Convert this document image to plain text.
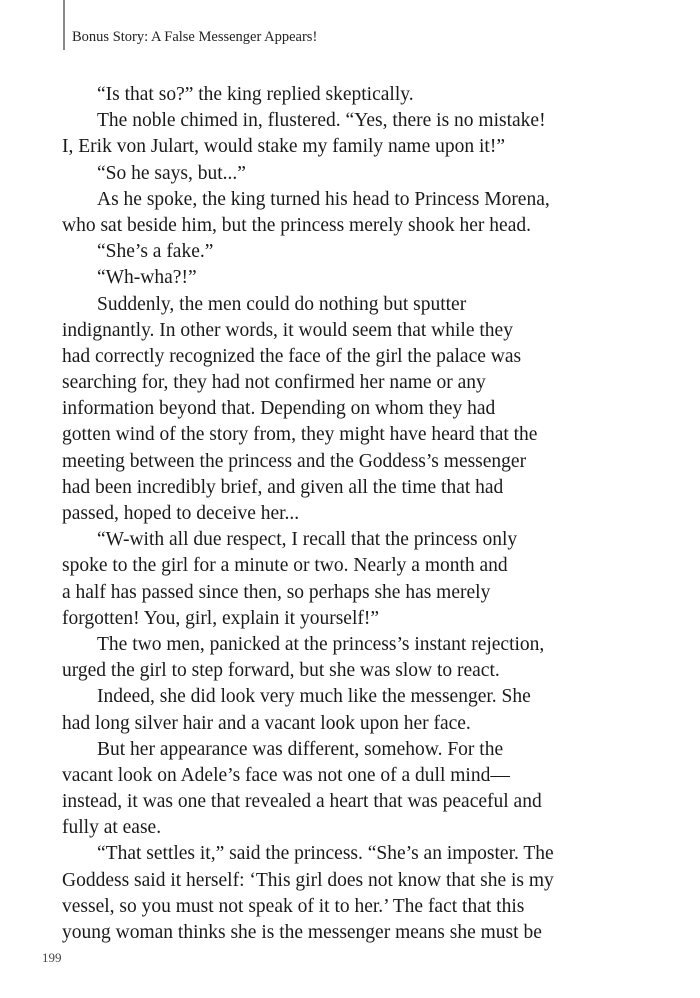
Bonus Story: A False Messenger Appears!
“Is that so?” the king replied skeptically.
The noble chimed in, flustered. “Yes, there is no mistake!
I, Erik von Julart, would stake my family name upon it!”
“So he says, but...”
As he spoke, the king turned his head to Princess Morena,
who sat beside him, but the princess merely shook her head.
“She’s a fake.”
“Wh-wha?!”
Suddenly, the men could do nothing but sputter
indignantly. In other words, it would seem that while they
had correctly recognized the face of the girl the palace was
searching for, they had not confirmed her name or any
information beyond that. Depending on whom they had
gotten wind of the story from, they might have heard that the
meeting between the princess and the Goddess’s messenger
had been incredibly brief, and given all the time that had
passed, hoped to deceive her...
“W-with all due respect, I recall that the princess only
spoke to the girl for a minute or two. Nearly a month and
a half has passed since then, so perhaps she has merely
forgotten! You, girl, explain it yourself!”
The two men, panicked at the princess’s instant rejection,
urged the girl to step forward, but she was slow to react.
Indeed, she did look very much like the messenger. She
had long silver hair and a vacant look upon her face.
But her appearance was different, somehow. For the
vacant look on Adele’s face was not one of a dull mind—
instead, it was one that revealed a heart that was peaceful and
fully at ease.
“That settles it,” said the princess. “She’s an imposter. The
Goddess said it herself: ‘This girl does not know that she is my
vessel, so you must not speak of it to her.’ The fact that this
young woman thinks she is the messenger means she must be
199
